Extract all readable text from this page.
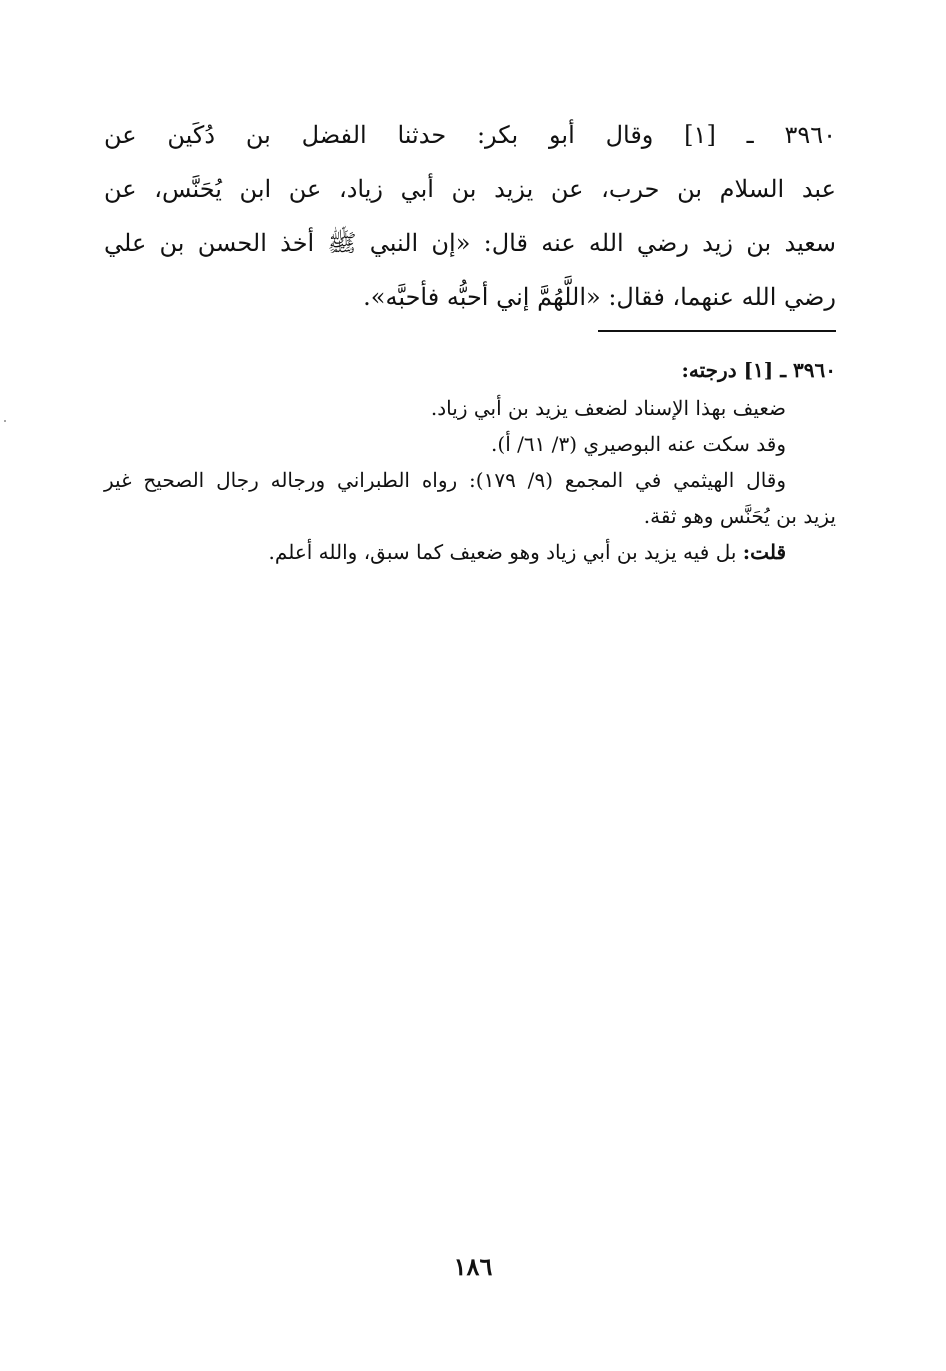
٣٩٦٠ ـ [١] وقال أبو بكر: حدثنا الفضل بن دُكَين عن
عبد السلام بن حرب، عن يزيد بن أبي زياد، عن ابن يُحَنَّس، عن
سعيد بن زيد رضي الله عنه قال: «إن النبي ﷺ أخذ الحسن بن علي
رضي الله عنهما، فقال: «اللَّهُمَّ إني أحبُّه فأحبَّه».
٣٩٦٠ ـ [١] درجته:
ضعيف بهذا الإسناد لضعف يزيد بن أبي زياد.
وقد سكت عنه البوصيري (٣/ ٦١/ أ).
وقال الهيثمي في المجمع (٩/ ١٧٩): رواه الطبراني ورجاله رجال الصحيح غير
يزيد بن يُحَنَّس وهو ثقة.
قلت: بل فيه يزيد بن أبي زياد وهو ضعيف كما سبق، والله أعلم.
١٨٦
